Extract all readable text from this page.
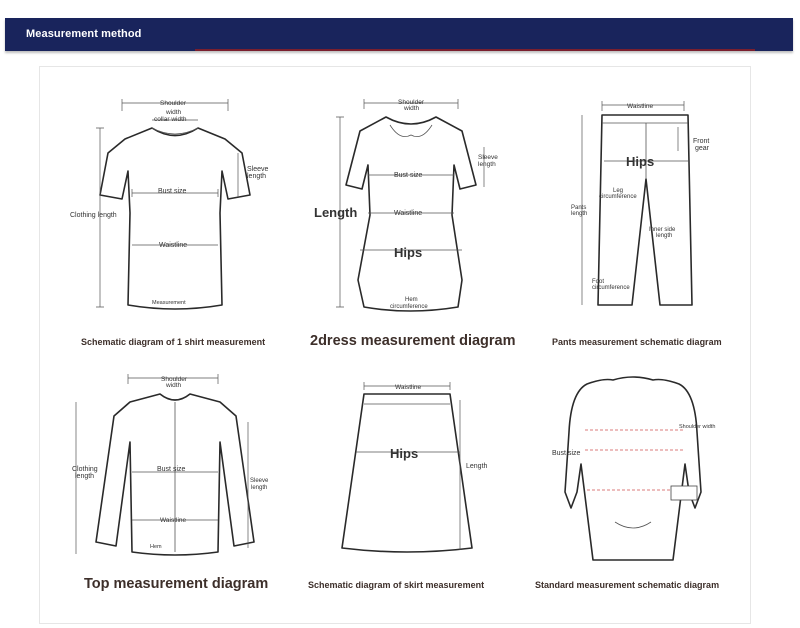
Measurement method
Shoulder
width
collar width
Sleeve
length
Bust size
Clothing length
Waistline
Measurement
Schematic diagram of 1 shirt measurement
Shoulder
width
Sleeve
length
Bust size
Length	Waistline
Hips
Hem
circumference
2dress measurement diagram
Waistline
Front
gear
Hips
Pants
length
Leg
circumference
Inner side
length
Foot
circumference
Pants measurement schematic diagram
Shoulder
width
Clothing
length
Bust size
Sleeve
length
Waistline
Hem
Top measurement diagram
Waistline
Hips
Length
Schematic diagram of skirt measurement
Shoulder width
Bust size
Standard measurement schematic diagram
